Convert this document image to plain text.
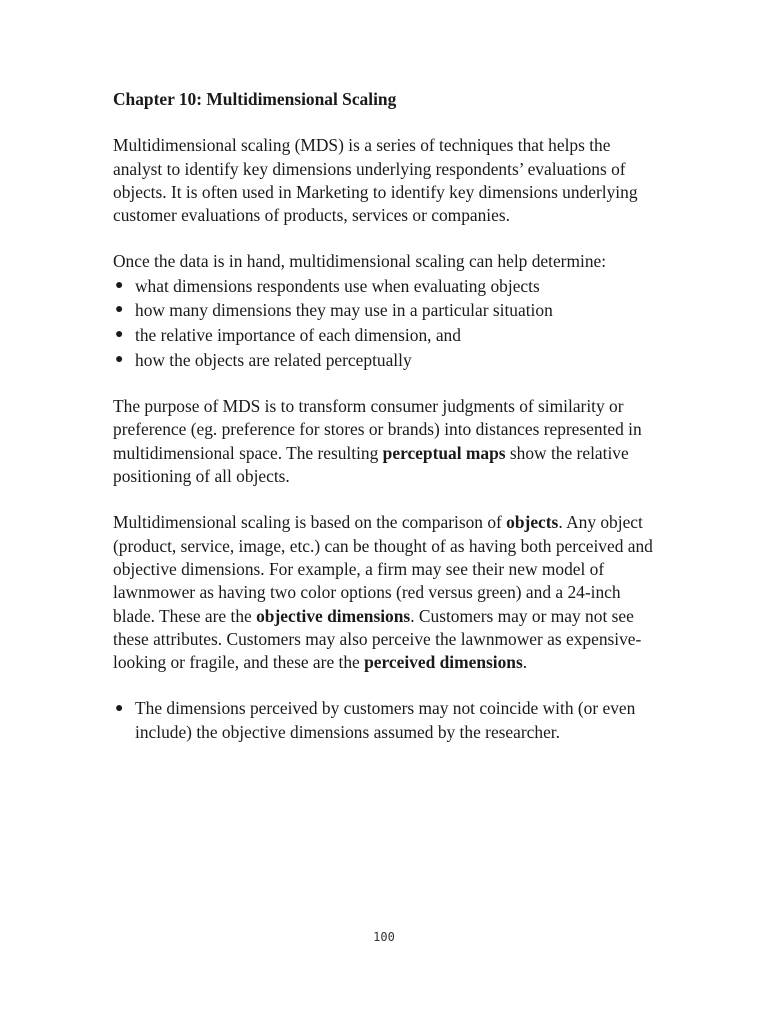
Chapter 10: Multidimensional Scaling

Multidimensional scaling (MDS) is a series of techniques that helps the analyst to identify key dimensions underlying respondents’ evaluations of objects. It is often used in Marketing to identify key dimensions underlying customer evaluations of products, services or companies.

Once the data is in hand, multidimensional scaling can help determine:

● what dimensions respondents use when evaluating objects
● how many dimensions they may use in a particular situation
● the relative importance of each dimension, and
● how the objects are related perceptually

The purpose of MDS is to transform consumer judgments of similarity or preference (eg. preference for stores or brands) into distances represented in multidimensional space. The resulting perceptual maps show the relative positioning of all objects.

Multidimensional scaling is based on the comparison of objects. Any object (product, service, image, etc.) can be thought of as having both perceived and objective dimensions. For example, a firm may see their new model of lawnmower as having two color options (red versus green) and a 24-inch blade. These are the objective dimensions. Customers may or may not see these attributes. Customers may also perceive the lawnmower as expensive-looking or fragile, and these are the perceived dimensions.

● The dimensions perceived by customers may not coincide with (or even include) the objective dimensions assumed by the researcher.
100
